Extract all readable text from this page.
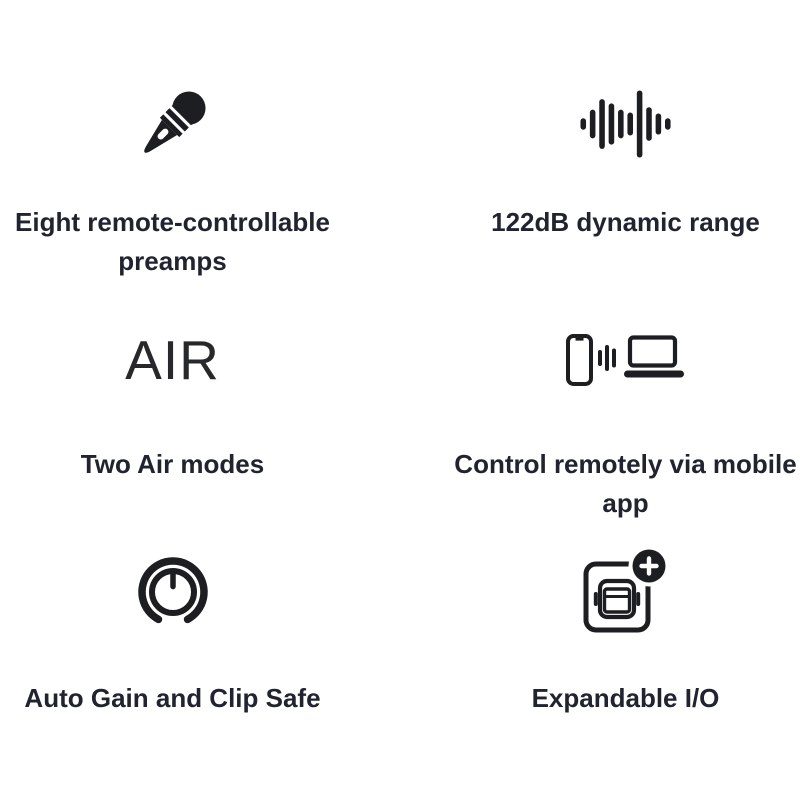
Eight remote-controllable
preamps
122dB dynamic range
AIR
Two Air modes	Control remotely via mobile
app
Auto Gain and Clip Safe	Expandable I/O
